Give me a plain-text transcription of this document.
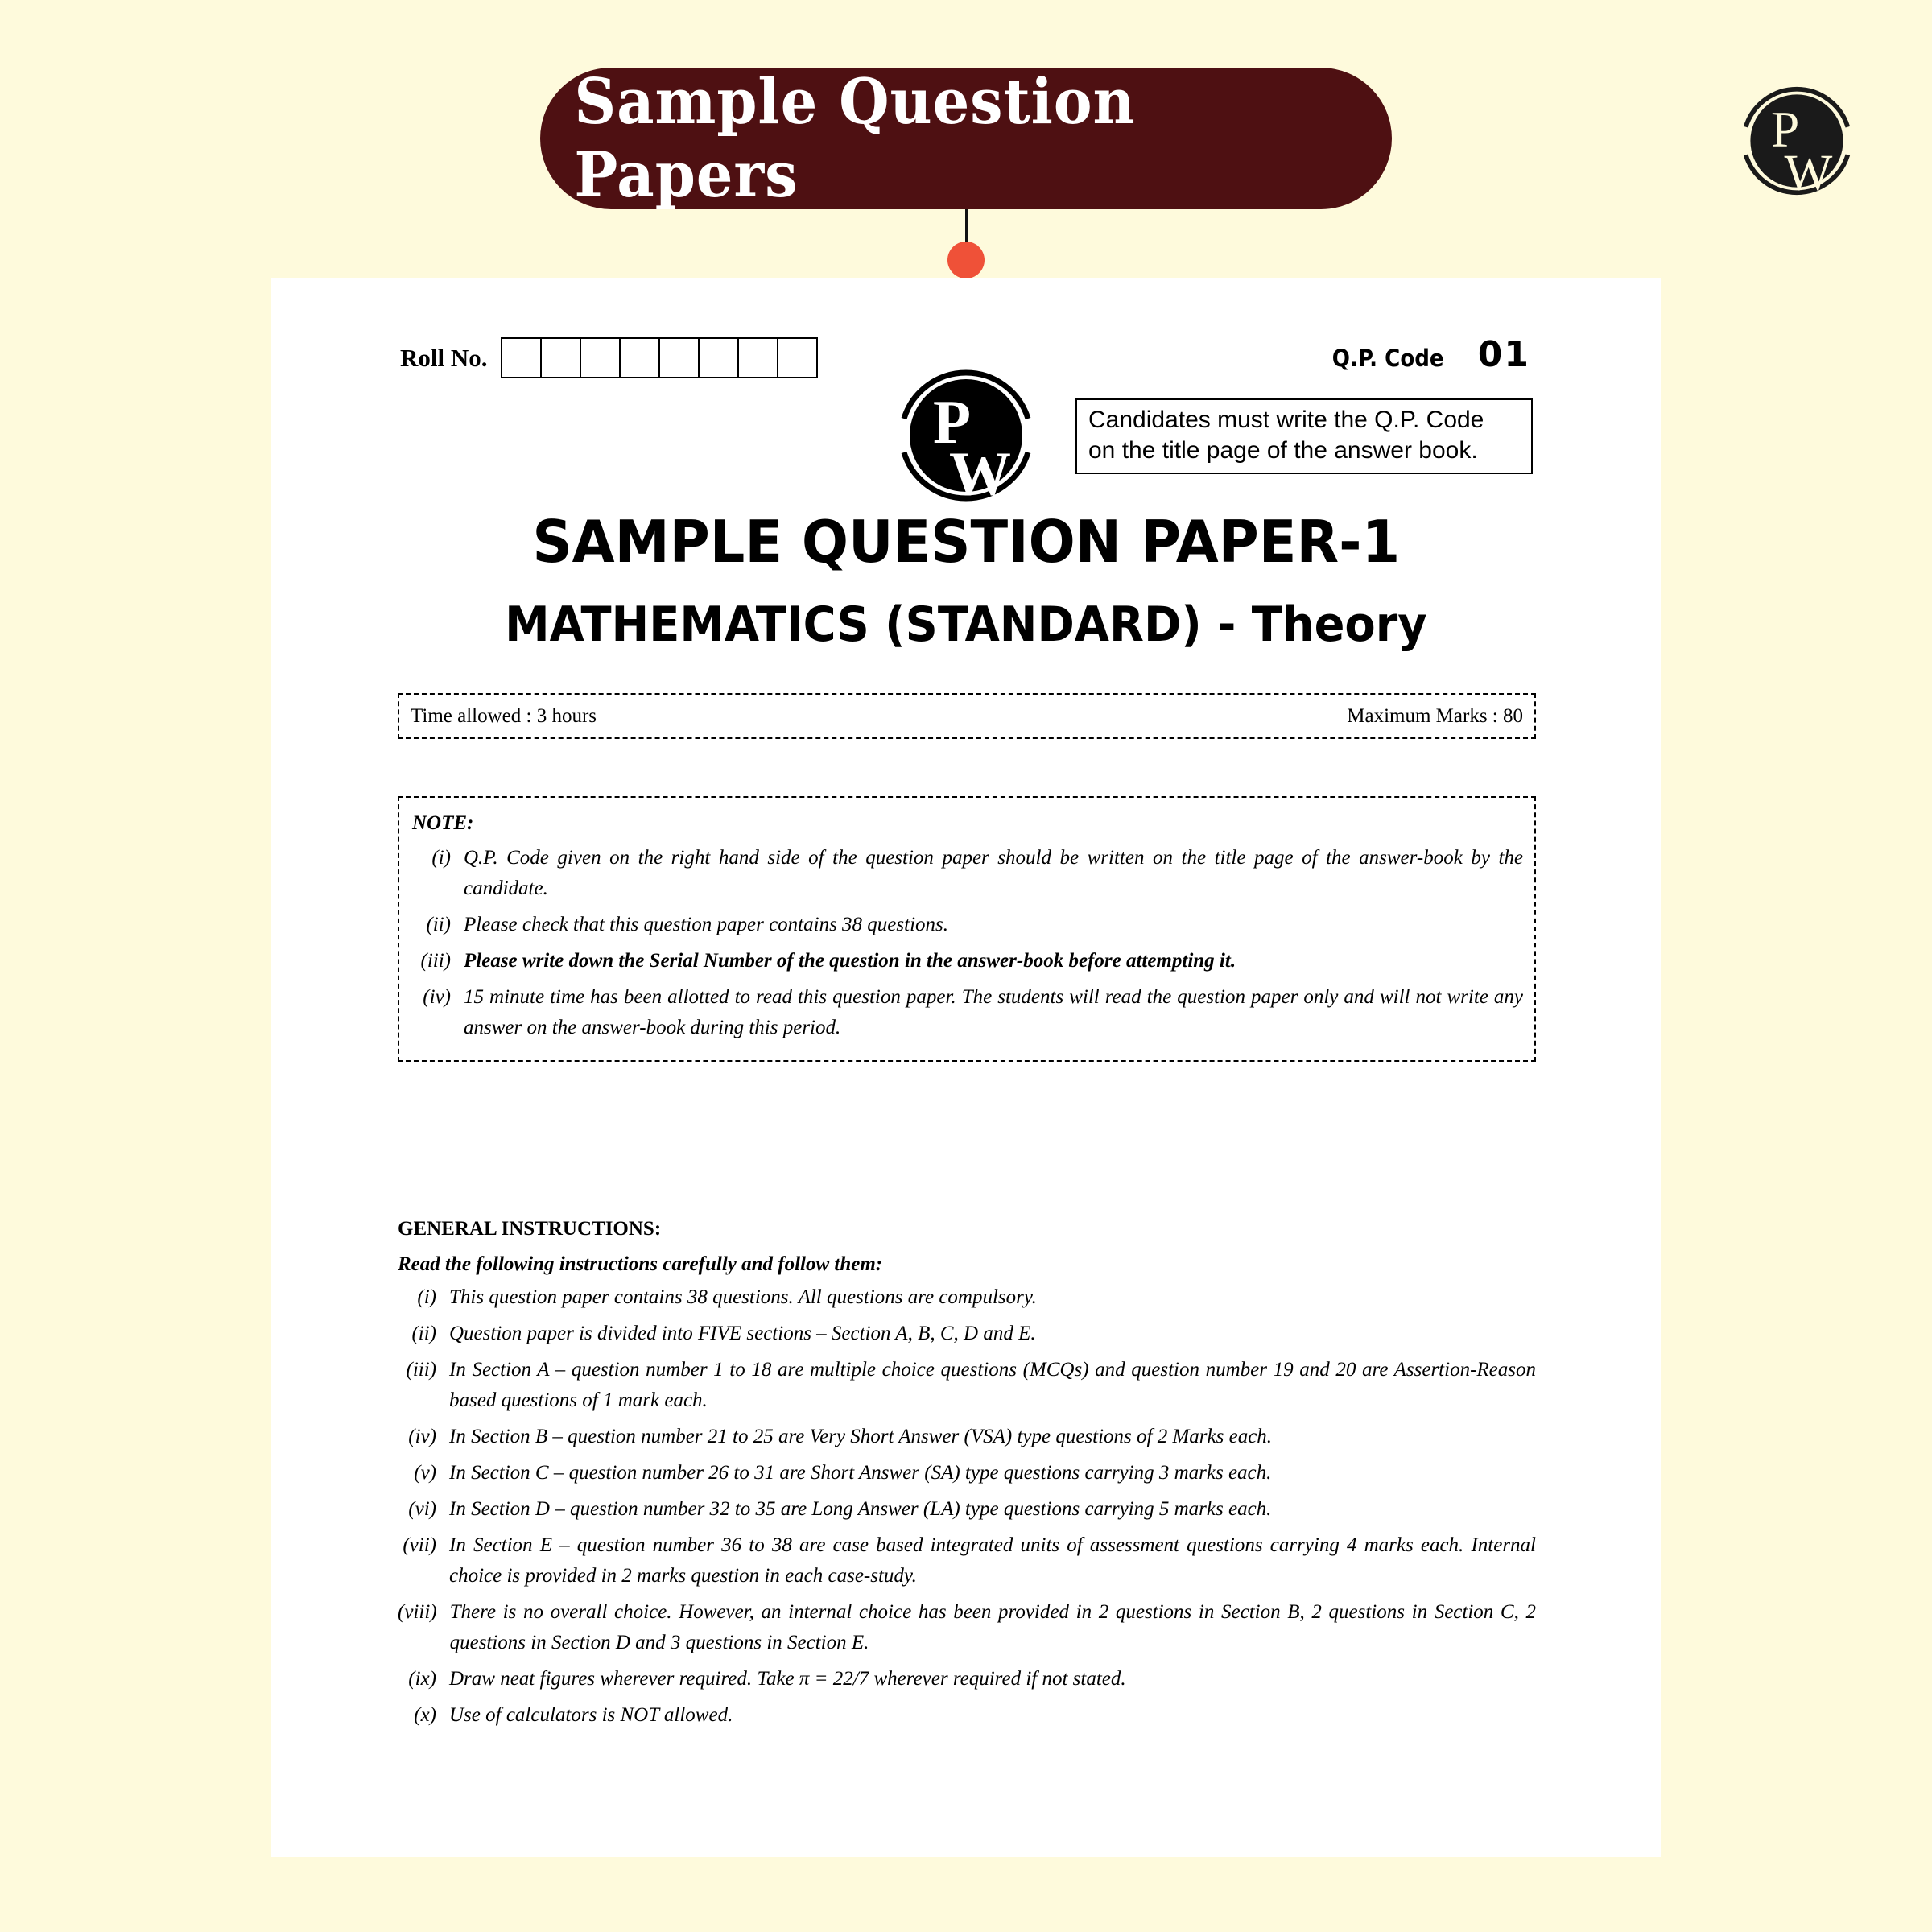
Sample Question Papers
P
W
Roll No.	Q.P. Code 01
Candidates must write the Q.P. Code
on the title page of the answer book.
SAMPLE QUESTION PAPER-1
MATHEMATICS (STANDARD) - Theory
Time allowed : 3 hours	Maximum Marks : 80
NOTE:
(i) Q.P. Code given on the right hand side of the question paper should be written on the title page of the answer-book by the candidate.
(ii) Please check that this question paper contains 38 questions.
(iii) Please write down the Serial Number of the question in the answer-book before attempting it.
(iv) 15 minute time has been allotted to read this question paper. The students will read the question paper only and will not write any answer on the answer-book during this period.
GENERAL INSTRUCTIONS:
Read the following instructions carefully and follow them:
(i) This question paper contains 38 questions. All questions are compulsory.
(ii) Question paper is divided into FIVE sections – Section A, B, C, D and E.
(iii) In Section A – question number 1 to 18 are multiple choice questions (MCQs) and question number 19 and 20 are Assertion-Reason based questions of 1 mark each.
(iv) In Section B – question number 21 to 25 are Very Short Answer (VSA) type questions of 2 Marks each.
(v) In Section C – question number 26 to 31 are Short Answer (SA) type questions carrying 3 marks each.
(vi) In Section D – question number 32 to 35 are Long Answer (LA) type questions carrying 5 marks each.
(vii) In Section E – question number 36 to 38 are case based integrated units of assessment questions carrying 4 marks each. Internal choice is provided in 2 marks question in each case-study.
(viii) There is no overall choice. However, an internal choice has been provided in 2 questions in Section B, 2 questions in Section C, 2 questions in Section D and 3 questions in Section E.
(ix) Draw neat figures wherever required. Take π = 22/7 wherever required if not stated.
(x) Use of calculators is NOT allowed.
P
W
